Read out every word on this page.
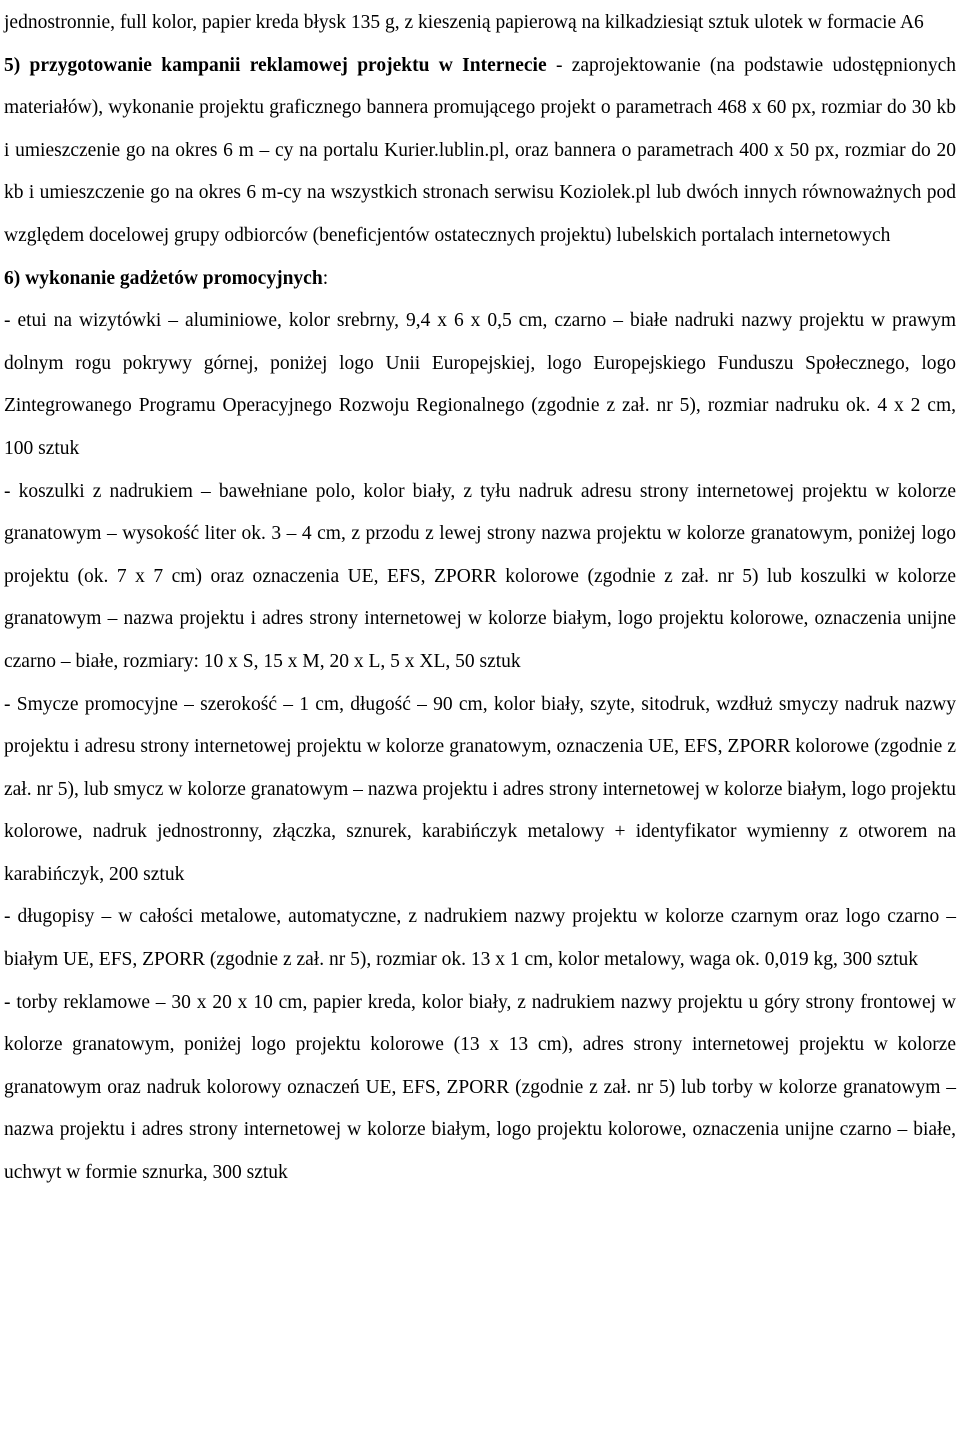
jednostronnie, full kolor, papier kreda błysk 135 g, z kieszenią papierową na kilkadziesiąt sztuk ulotek w formacie A6

5) przygotowanie kampanii reklamowej projektu w Internecie - zaprojektowanie (na podstawie udostępnionych materiałów), wykonanie projektu graficznego bannera promującego projekt o parametrach 468 x 60 px, rozmiar do 30 kb i umieszczenie go na okres 6 m – cy na portalu Kurier.lublin.pl, oraz bannera o parametrach 400 x 50 px, rozmiar do 20 kb i umieszczenie go na okres 6 m-cy na wszystkich stronach serwisu Koziolek.pl lub dwóch innych równoważnych pod względem docelowej grupy odbiorców (beneficjentów ostatecznych projektu) lubelskich portalach internetowych

6) wykonanie gadżetów promocyjnych:

- etui na wizytówki – aluminiowe, kolor srebrny, 9,4 x 6 x 0,5 cm, czarno – białe nadruki nazwy projektu w prawym dolnym rogu pokrywy górnej, poniżej logo Unii Europejskiej, logo Europejskiego Funduszu Społecznego, logo Zintegrowanego Programu Operacyjnego Rozwoju Regionalnego (zgodnie z zał. nr 5), rozmiar nadruku ok. 4 x 2 cm, 100 sztuk

- koszulki z nadrukiem – bawełniane polo, kolor biały, z tyłu nadruk adresu strony internetowej projektu w kolorze granatowym – wysokość liter ok. 3 – 4 cm, z przodu z lewej strony nazwa projektu w kolorze granatowym, poniżej logo projektu (ok. 7 x 7 cm) oraz oznaczenia UE, EFS, ZPORR kolorowe (zgodnie z zał. nr 5) lub koszulki w kolorze granatowym – nazwa projektu i adres strony internetowej w kolorze białym, logo projektu kolorowe, oznaczenia unijne czarno – białe, rozmiary: 10 x S, 15 x M, 20 x L, 5 x XL, 50 sztuk

- Smycze promocyjne – szerokość – 1 cm, długość – 90 cm, kolor biały, szyte, sitodruk, wzdłuż smyczy nadruk nazwy projektu i adresu strony internetowej projektu w kolorze granatowym, oznaczenia UE, EFS, ZPORR kolorowe (zgodnie z zał. nr 5), lub smycz w kolorze granatowym – nazwa projektu i adres strony internetowej w kolorze białym, logo projektu kolorowe, nadruk jednostronny, złączka, sznurek, karabińczyk metalowy + identyfikator wymienny z otworem na karabińczyk, 200 sztuk

- długopisy – w całości metalowe, automatyczne, z nadrukiem nazwy projektu w kolorze czarnym oraz logo czarno – białym UE, EFS, ZPORR (zgodnie z zał. nr 5), rozmiar ok. 13 x 1 cm, kolor metalowy, waga ok. 0,019 kg, 300 sztuk

- torby reklamowe – 30 x 20 x 10 cm, papier kreda, kolor biały, z nadrukiem nazwy projektu u góry strony frontowej w kolorze granatowym, poniżej logo projektu kolorowe (13 x 13 cm), adres strony internetowej projektu w kolorze granatowym oraz nadruk kolorowy oznaczeń UE, EFS, ZPORR (zgodnie z zał. nr 5) lub torby w kolorze granatowym – nazwa projektu i adres strony internetowej w kolorze białym, logo projektu kolorowe, oznaczenia unijne czarno – białe, uchwyt w formie sznurka, 300 sztuk
